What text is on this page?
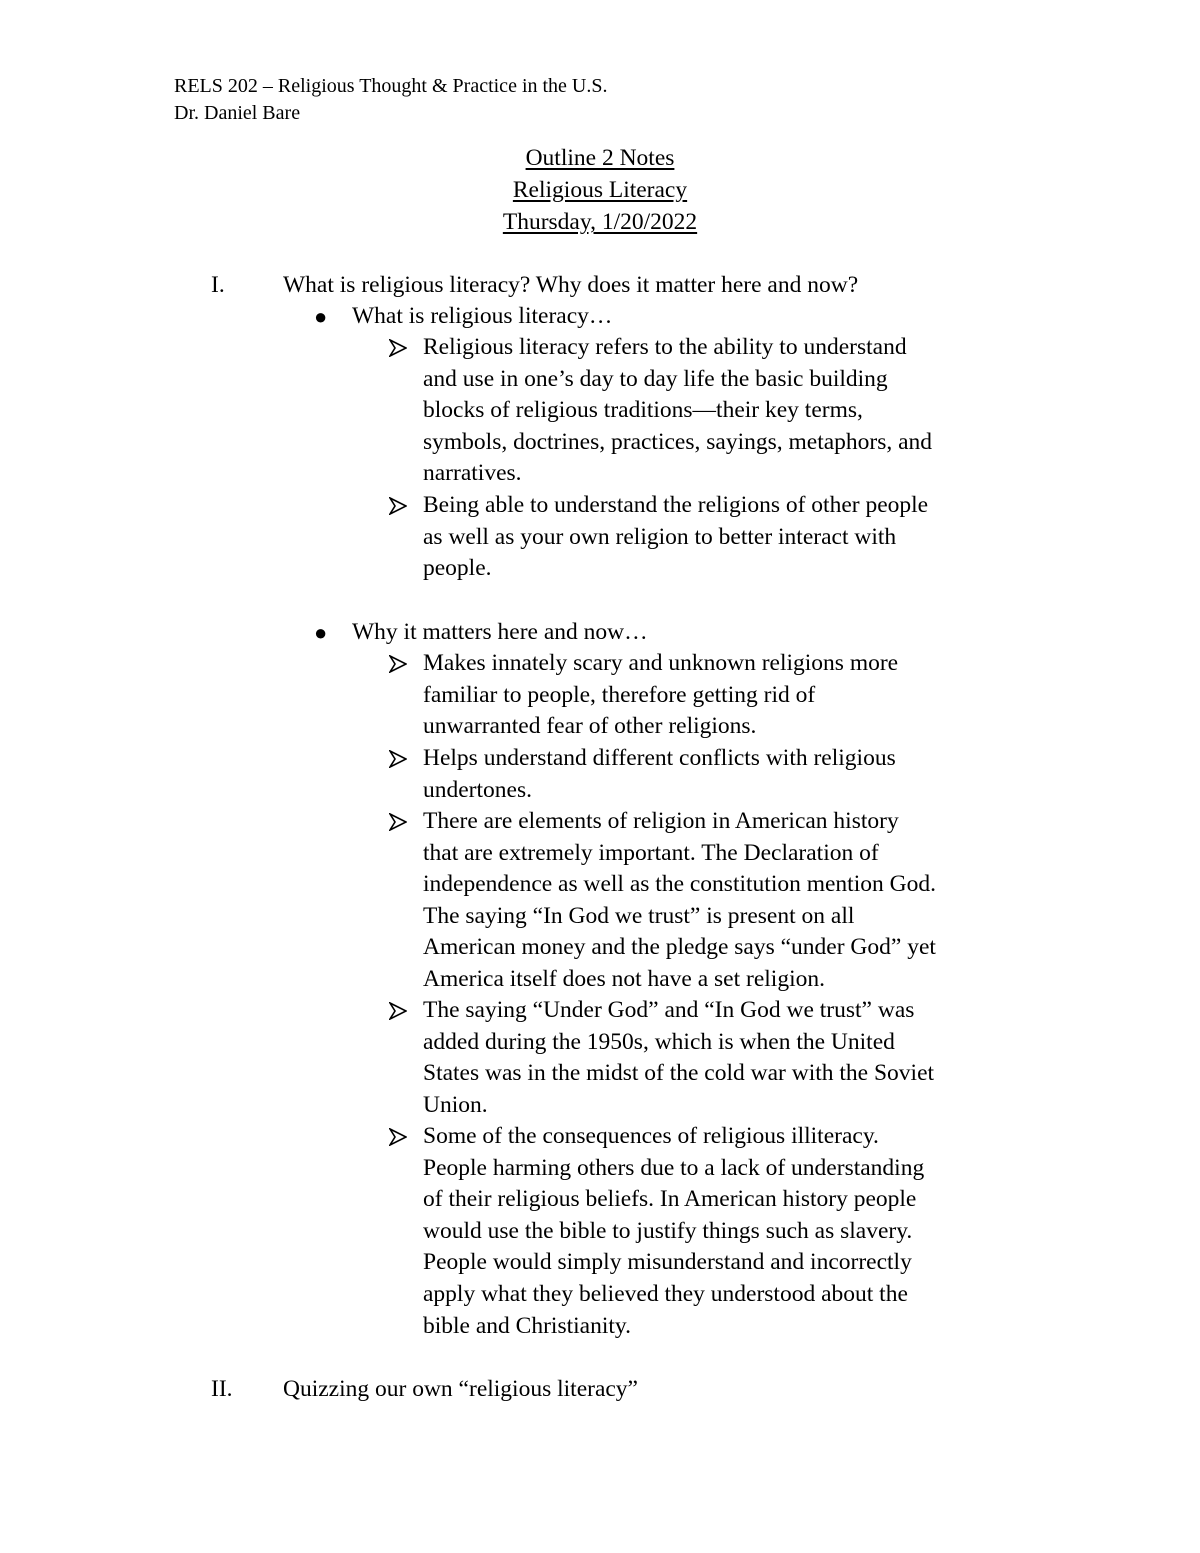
RELS 202 – Religious Thought & Practice in the U.S.
Dr. Daniel Bare
Outline 2 Notes
Religious Literacy
Thursday, 1/20/2022
I. What is religious literacy? Why does it matter here and now?
● What is religious literacy…
Religious literacy refers to the ability to understand
and use in one’s day to day life the basic building
blocks of religious traditions—their key terms,
symbols, doctrines, practices, sayings, metaphors, and
narratives.
Being able to understand the religions of other people
as well as your own religion to better interact with
people.
● Why it matters here and now…
Makes innately scary and unknown religions more
familiar to people, therefore getting rid of
unwarranted fear of other religions.
Helps understand different conflicts with religious
undertones.
There are elements of religion in American history
that are extremely important. The Declaration of
independence as well as the constitution mention God.
The saying “In God we trust” is present on all
American money and the pledge says “under God” yet
America itself does not have a set religion.
The saying “Under God” and “In God we trust” was
added during the 1950s, which is when the United
States was in the midst of the cold war with the Soviet
Union.
Some of the consequences of religious illiteracy.
People harming others due to a lack of understanding
of their religious beliefs. In American history people
would use the bible to justify things such as slavery.
People would simply misunderstand and incorrectly
apply what they believed they understood about the
bible and Christianity.
II. Quizzing our own “religious literacy”
